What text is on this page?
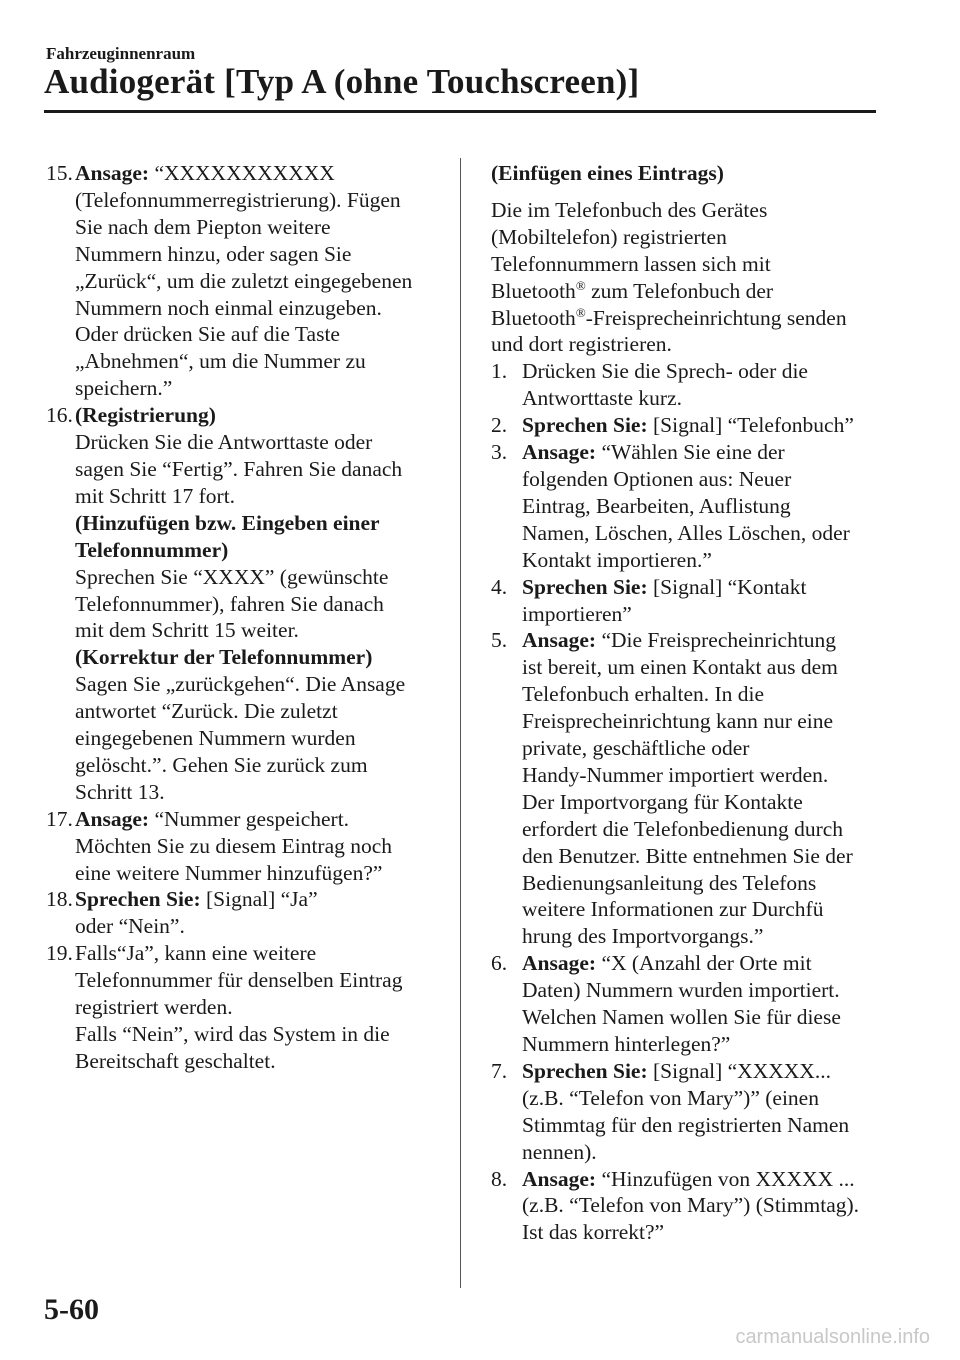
Fahrzeuginnenraum
Audiogerät [Typ A (ohne Touchscreen)]
15. Ansage: “XXXXXXXXXXX
(Telefonnummerregistrierung). Fügen
Sie nach dem Piepton weitere
Nummern hinzu, oder sagen Sie
„Zurück“, um die zuletzt eingegebenen
Nummern noch einmal einzugeben.
Oder drücken Sie auf die Taste
„Abnehmen“, um die Nummer zu
speichern.”
16. (Registrierung)
Drücken Sie die Antworttaste oder
sagen Sie “Fertig”. Fahren Sie danach
mit Schritt 17 fort.
(Hinzufügen bzw. Eingeben einer
Telefonnummer)
Sprechen Sie “XXXX” (gewünschte
Telefonnummer), fahren Sie danach
mit dem Schritt 15 weiter.
(Korrektur der Telefonnummer)
Sagen Sie „zurückgehen“. Die Ansage
antwortet “Zurück. Die zuletzt
eingegebenen Nummern wurden
gelöscht.”. Gehen Sie zurück zum
Schritt 13.
17. Ansage: “Nummer gespeichert.
Möchten Sie zu diesem Eintrag noch
eine weitere Nummer hinzufügen?”
18. Sprechen Sie: [Signal] “Ja”
oder “Nein”.
19. Falls“Ja”, kann eine weitere
Telefonnummer für denselben Eintrag
registriert werden.
Falls “Nein”, wird das System in die
Bereitschaft geschaltet.
(Einfügen eines Eintrags)
Die im Telefonbuch des Gerätes
(Mobiltelefon) registrierten
Telefonnummern lassen sich mit
Bluetooth® zum Telefonbuch der
Bluetooth®-Freisprecheinrichtung senden
und dort registrieren.
1. Drücken Sie die Sprech- oder die
Antworttaste kurz.
2. Sprechen Sie: [Signal] “Telefonbuch”
3. Ansage: “Wählen Sie eine der
folgenden Optionen aus: Neuer
Eintrag, Bearbeiten, Auflistung
Namen, Löschen, Alles Löschen, oder
Kontakt importieren.”
4. Sprechen Sie: [Signal] “Kontakt
importieren”
5. Ansage: “Die Freisprecheinrichtung
ist bereit, um einen Kontakt aus dem
Telefonbuch erhalten. In die
Freisprecheinrichtung kann nur eine
private, geschäftliche oder
Handy-Nummer importiert werden.
Der Importvorgang für Kontakte
erfordert die Telefonbedienung durch
den Benutzer. Bitte entnehmen Sie der
Bedienungsanleitung des Telefons
weitere Informationen zur Durchfü
hrung des Importvorgangs.”
6. Ansage: “X (Anzahl der Orte mit
Daten) Nummern wurden importiert.
Welchen Namen wollen Sie für diese
Nummern hinterlegen?”
7. Sprechen Sie: [Signal] “XXXXX...
(z.B. “Telefon von Mary”)” (einen
Stimmtag für den registrierten Namen
nennen).
8. Ansage: “Hinzufügen von XXXXX ...
(z.B. “Telefon von Mary”) (Stimmtag).
Ist das korrekt?”
5-60
carmanualsonline.info
